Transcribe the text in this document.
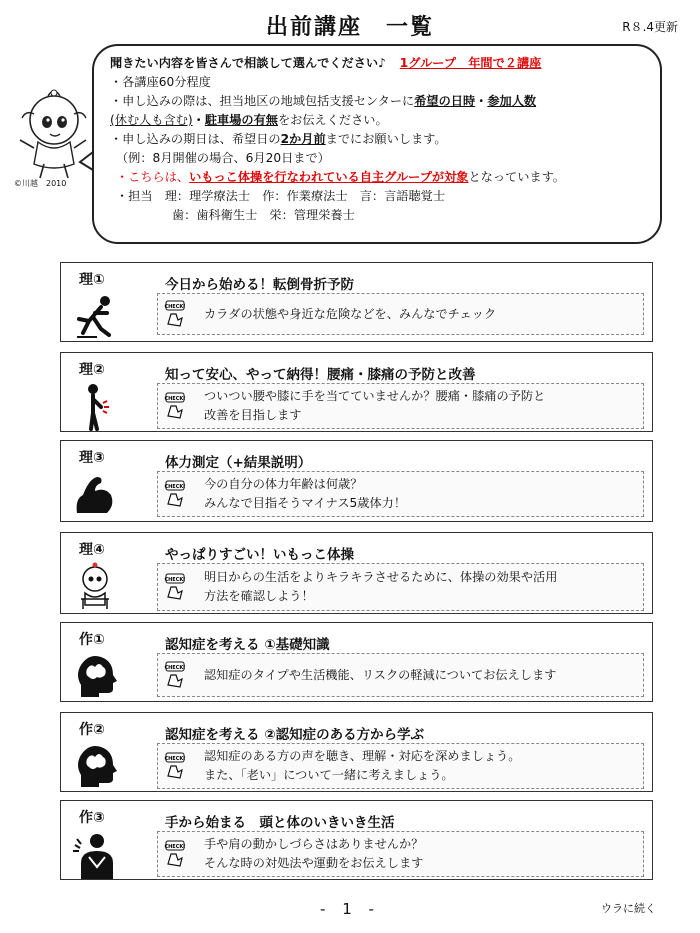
出前講座　一覧	R８.4更新
©川越　2010
聞きたい内容を皆さんで相談して選んでください♪ 1グループ　年間で２講座
・各講座60分程度
・申し込みの際は、担当地区の地域包括支援センターに希望の日時・参加人数
(休む人も含む)・駐車場の有無をお伝えください。
・申し込みの期日は、希望日の2か月前までにお願いします。
（例：8月開催の場合、6月20日まで）
・こちらは、いもっこ体操を行なわれている自主グループが対象となっています。
・担当　理：理学療法士　作：作業療法士　言：言語聴覚士
歯：歯科衛生士　栄：管理栄養士
理①	今日から始める！転倒骨折予防
CHECK! カラダの状態や身近な危険などを、みんなでチェック
理②	知って安心、やって納得！腰痛・膝痛の予防と改善
CHECK! ついつい腰や膝に手を当てていませんか？腰痛・膝痛の予防と
改善を目指します
理③	体力測定（+結果説明）
CHECK! 今の自分の体力年齢は何歳？
みんなで目指そうマイナス5歳体力！
理④	やっぱりすごい！いもっこ体操
CHECK! 明日からの生活をよりキラキラさせるために、体操の効果や活用
方法を確認しよう！
作①	認知症を考える ①基礎知識
CHECK! 認知症のタイプや生活機能、リスクの軽減についてお伝えします
作②	認知症を考える ②認知症のある方から学ぶ
CHECK! 認知症のある方の声を聴き、理解・対応を深めましょう。
また、「老い」について一緒に考えましょう。
作③	手から始まる　頭と体のいきいき生活
CHECK! 手や肩の動かしづらさはありませんか？
そんな時の対処法や運動をお伝えします
- 1 -	ウラに続く
